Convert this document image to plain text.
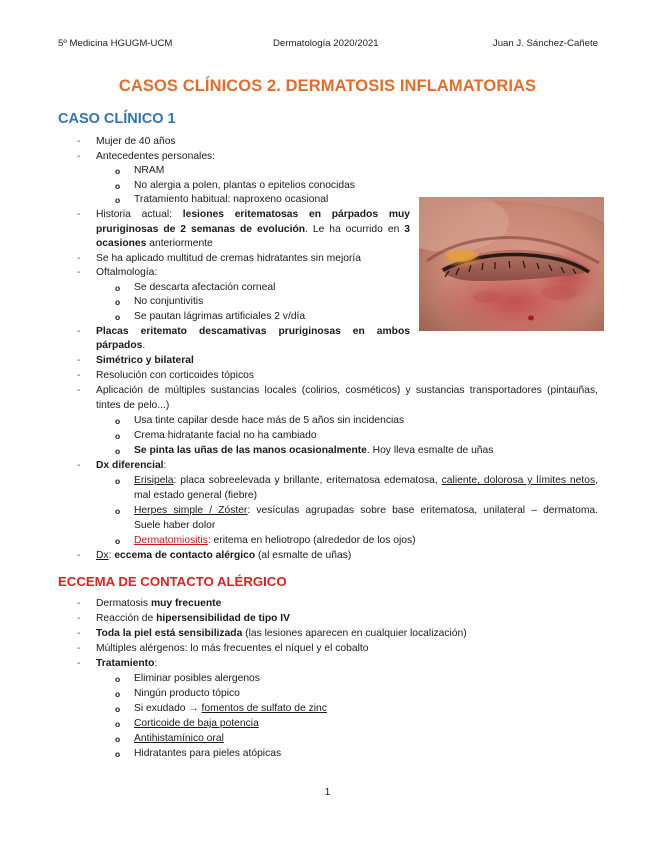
5º Medicina HGUGM-UCM	Dermatología 2020/2021	Juan J. Sánchez-Cañete
CASOS CLÍNICOS 2. DERMATOSIS INFLAMATORIAS
CASO CLÍNICO 1
- Mujer de 40 años
- Antecedentes personales:
o NRAM
o No alergia a polen, plantas o epitelios conocidas
o Tratamiento habitual: naproxeno ocasional
- Historia actual: lesiones eritematosas en párpados muy
pruriginosas de 2 semanas de evolución. Le ha ocurrido en 3
ocasiones anteriormente
- Se ha aplicado multitud de cremas hidratantes sin mejoría
- Oftalmología:
o Se descarta afectación corneal
o No conjuntivitis
o Se pautan lágrimas artificiales 2 v/día
- Placas eritemato descamativas pruriginosas en ambos
párpados.
- Simétrico y bilateral
- Resolución con corticoides tópicos
- Aplicación de múltiples sustancias locales (colirios, cosméticos) y sustancias transportadores (pintauñas,
tintes de pelo...)
o Usa tinte capilar desde hace más de 5 años sin incidencias
o Crema hidratante facial no ha cambiado
o Se pinta las uñas de las manos ocasionalmente. Hoy lleva esmalte de uñas
- Dx diferencial:
o Erisipela: placa sobreelevada y brillante, eritematosa edematosa, caliente, dolorosa y límites netos,
mal estado general (fiebre)
o Herpes simple / Zóster: vesículas agrupadas sobre base eritematosa, unilateral – dermatoma.
Suele haber dolor
o Dermatomiositis: eritema en heliotropo (alrededor de los ojos)
- Dx: eccema de contacto alérgico (al esmalte de uñas)
ECCEMA DE CONTACTO ALÉRGICO
- Dermatosis muy frecuente
- Reacción de hipersensibilidad de tipo IV
- Toda la piel está sensibilizada (las lesiones aparecen en cualquier localización)
- Múltiples alérgenos: lo más frecuentes el níquel y el cobalto
- Tratamiento:
o Eliminar posibles alergenos
o Ningún producto tópico
o Si exudado → fomentos de sulfato de zinc
o Corticoide de baja potencia
o Antihistamínico oral
o Hidratantes para pieles atópicas
1
